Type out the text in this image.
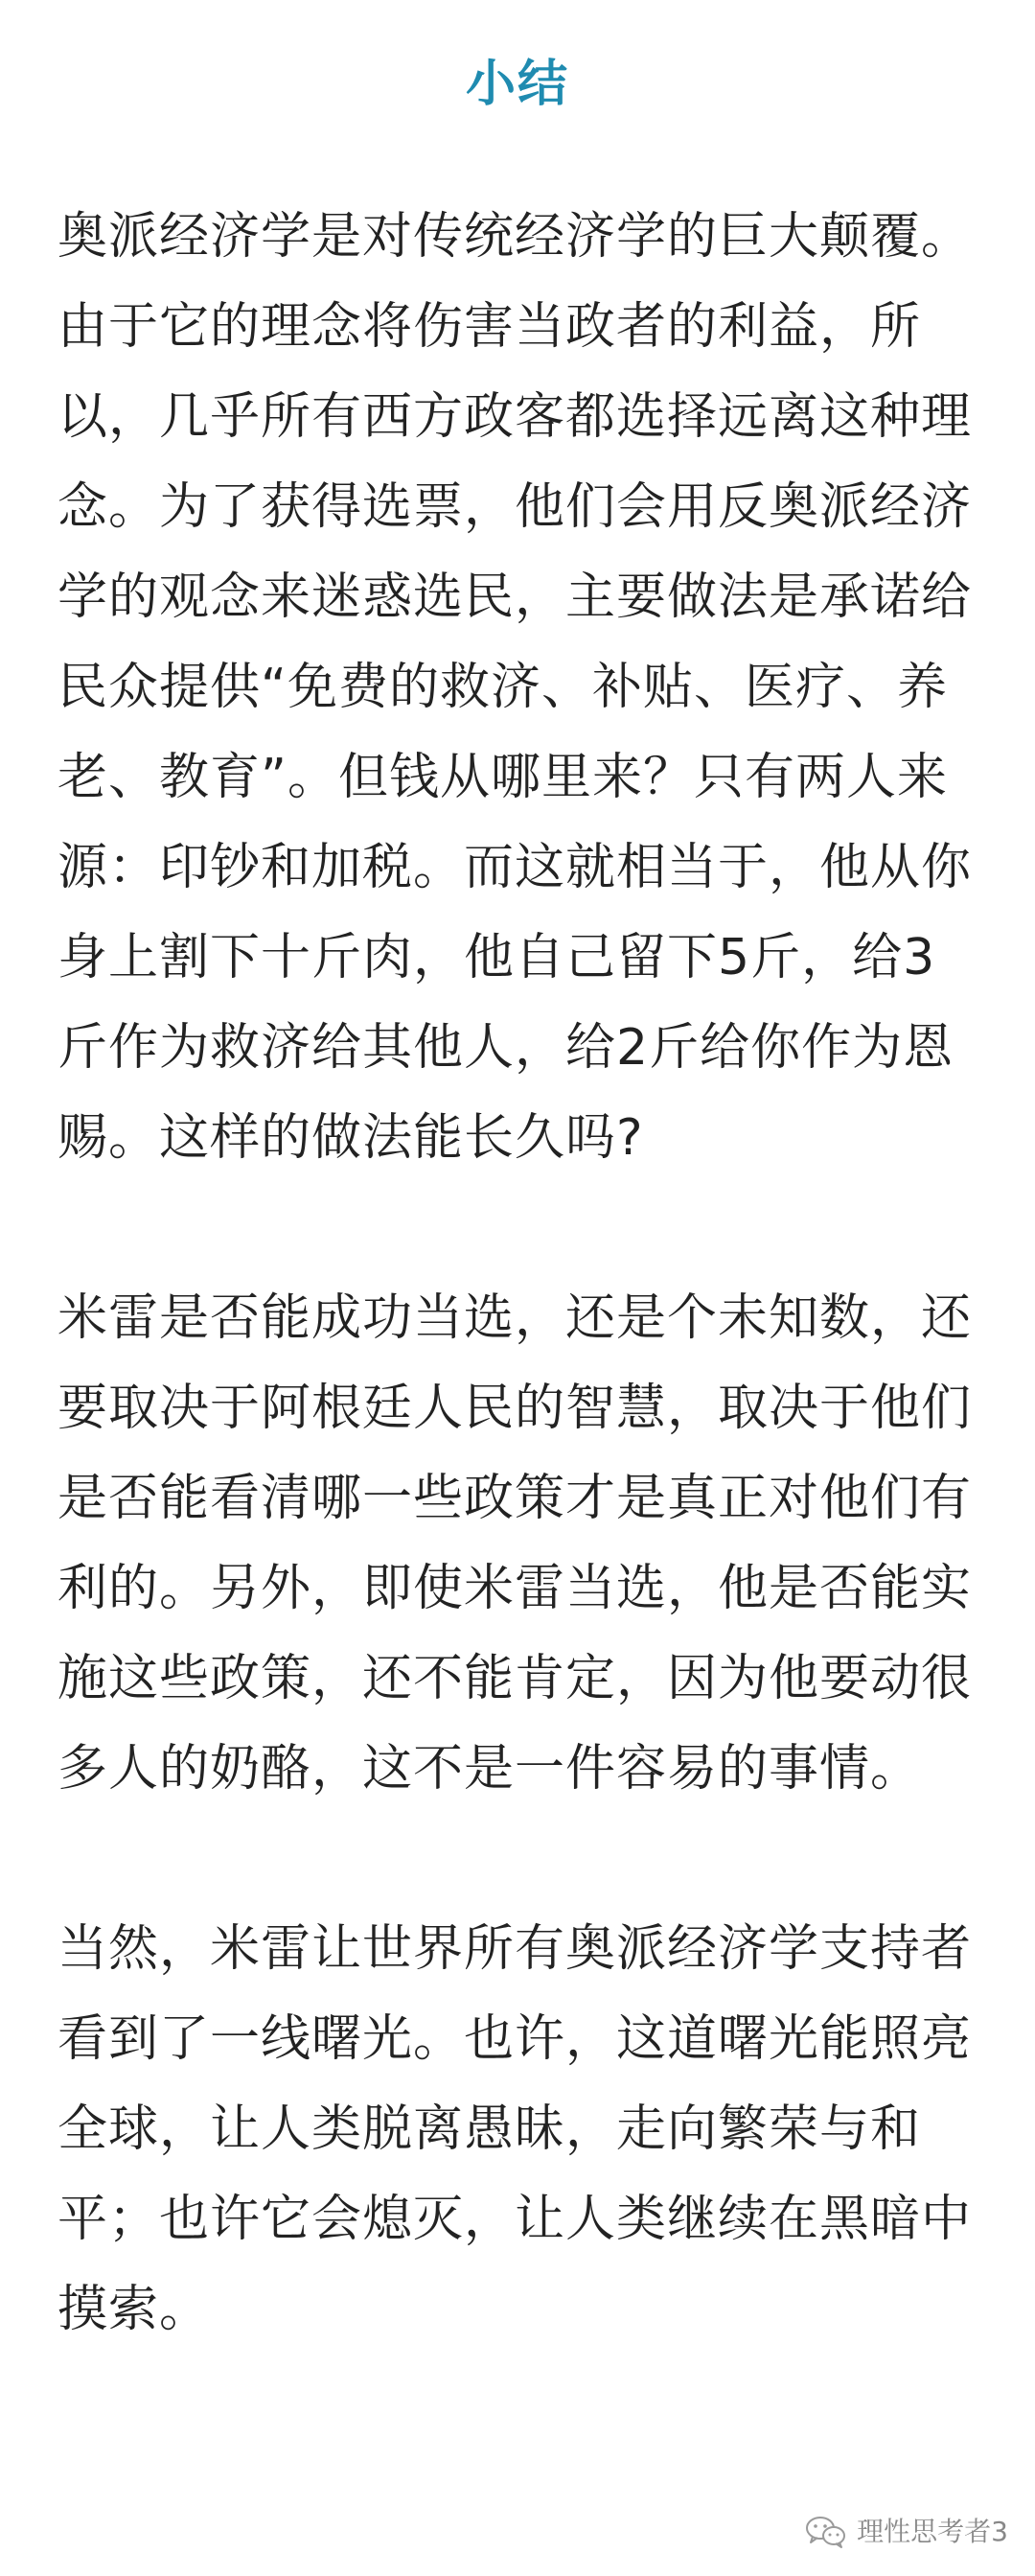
小结

奥派经济学是对传统经济学的巨大颠覆。由于它的理念将伤害当政者的利益，所以，几乎所有西方政客都选择远离这种理念。为了获得选票，他们会用反奥派经济学的观念来迷惑选民，主要做法是承诺给民众提供“免费的救济、补贴、医疗、养老、教育”。但钱从哪里来？只有两人来源：印钞和加税。而这就相当于，他从你身上割下十斤肉，他自己留下5斤，给3斤作为救济给其他人，给2斤给你作为恩赐。这样的做法能长久吗?

米雷是否能成功当选，还是个未知数，还要取决于阿根廷人民的智慧，取决于他们是否能看清哪一些政策才是真正对他们有利的。另外，即使米雷当选，他是否能实施这些政策，还不能肯定，因为他要动很多人的奶酪，这不是一件容易的事情。

当然，米雷让世界所有奥派经济学支持者看到了一线曙光。也许，这道曙光能照亮全球，让人类脱离愚昧，走向繁荣与和平；也许它会熄灭，让人类继续在黑暗中摸索。

理性思考者3
